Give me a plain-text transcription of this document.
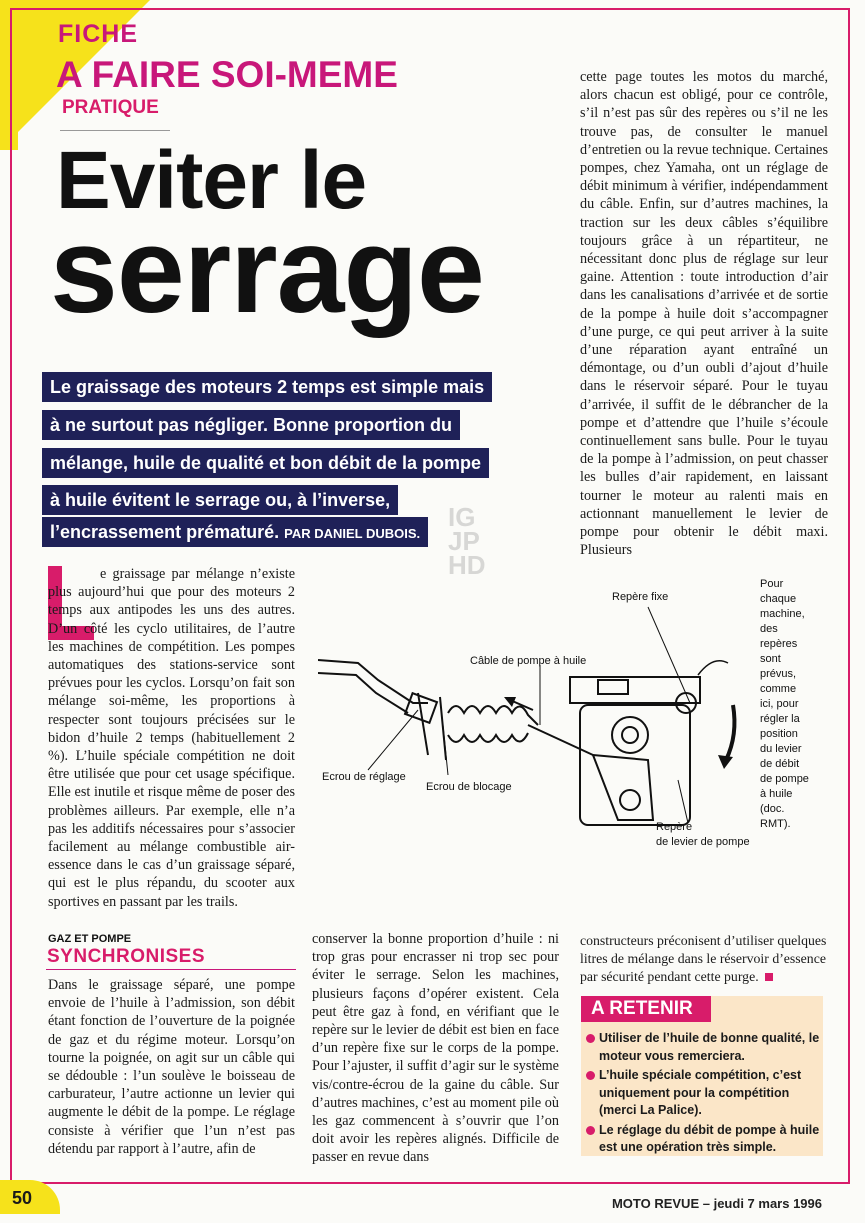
FICHE
A FAIRE SOI-MEME
PRATIQUE
Eviter le
serrage
Le graissage des moteurs 2 temps est simple mais
à ne surtout pas négliger. Bonne proportion du
mélange, huile de qualité et bon débit de la pompe
à huile évitent le serrage ou, à l’inverse,
l’encrassement prématuré. PAR DANIEL DUBOIS.
IG
JP
HD
cette page toutes les motos du marché, alors chacun est obligé, pour ce contrôle, s’il n’est pas sûr des repères ou s’il ne les trouve pas, de consulter le manuel d’entretien ou la revue technique. Certaines pompes, chez Yamaha, ont un réglage de débit minimum à vérifier, indépendamment du câble. Enfin, sur d’autres machines, la traction sur les deux câbles s’équilibre toujours grâce à un répartiteur, ne nécessitant donc plus de réglage sur leur gaine. Attention : toute introduction d’air dans les canalisations d’arrivée et de sortie de la pompe à huile doit s’accompagner d’une purge, ce qui peut arriver à la suite d’une réparation ayant entraîné un démontage, ou d’un oubli d’ajout d’huile dans le réservoir séparé. Pour le tuyau d’arrivée, il suffit de le débrancher de la pompe et d’attendre que l’huile s’écoule continuellement sans bulle. Pour le tuyau de la pompe à l’admission, on peut chasser les bulles d’air rapidement, en laissant tourner le moteur au ralenti mais en actionnant manuellement le levier de pompe pour obtenir le débit maxi. Plusieurs
e graissage par mélange n’existe plus aujourd’hui que pour des moteurs 2 temps aux antipodes les uns des autres. D’un côté les cyclo utilitaires, de l’autre les machines de compétition. Les pompes automatiques des stations-service sont prévues pour les cyclos. Lorsqu’on fait son mélange soi-même, les proportions à respecter sont toujours précisées sur le bidon d’huile 2 temps (habituellement 2 %). L’huile spéciale compétition ne doit être utilisée que pour cet usage spécifique. Elle est inutile et risque même de poser des problèmes ailleurs. Par exemple, elle n’a pas les additifs nécessaires pour s’associer facilement au mélange combustible air-essence dans le cas d’un graissage séparé, qui est le plus répandu, du scooter aux sportives en passant par les trails.
Repère fixe
Câble de pompe à huile
Ecrou de réglage
Ecrou de blocage
Repère
de levier de pompe
Pour
chaque
machine,
des
repères
sont
prévus,
comme
ici, pour
régler la
position
du levier
de débit
de pompe
à huile
(doc.
RMT).
GAZ ET POMPE
SYNCHRONISES
Dans le graissage séparé, une pompe envoie de l’huile à l’admission, son débit étant fonction de l’ouverture de la poignée de gaz et du régime moteur. Lorsqu’on tourne la poignée, on agit sur un câble qui se dédouble : l’un soulève le boisseau de carburateur, l’autre actionne un levier qui augmente le débit de la pompe. Le réglage consiste à vérifier que l’un n’est pas détendu par rapport à l’autre, afin de
conserver la bonne proportion d’huile : ni trop gras pour encrasser ni trop sec pour éviter le serrage. Selon les machines, plusieurs façons d’opérer existent. Cela peut être gaz à fond, en vérifiant que le repère sur le levier de débit est bien en face d’un repère fixe sur le corps de la pompe. Pour l’ajuster, il suffit d’agir sur le système vis/contre-écrou de la gaine du câble. Sur d’autres machines, c’est au moment pile où les gaz commencent à s’ouvrir que l’on doit avoir les repères alignés. Difficile de passer en revue dans
constructeurs préconisent d’utiliser quelques litres de mélange dans le réservoir d’essence par sécurité pendant cette purge.
A RETENIR
Utiliser de l’huile de bonne qualité, le moteur vous remerciera.
L’huile spéciale compétition, c’est uniquement pour la compétition (merci La Palice).
Le réglage du débit de pompe à huile est une opération très simple.
50	MOTO REVUE – jeudi 7 mars 1996
